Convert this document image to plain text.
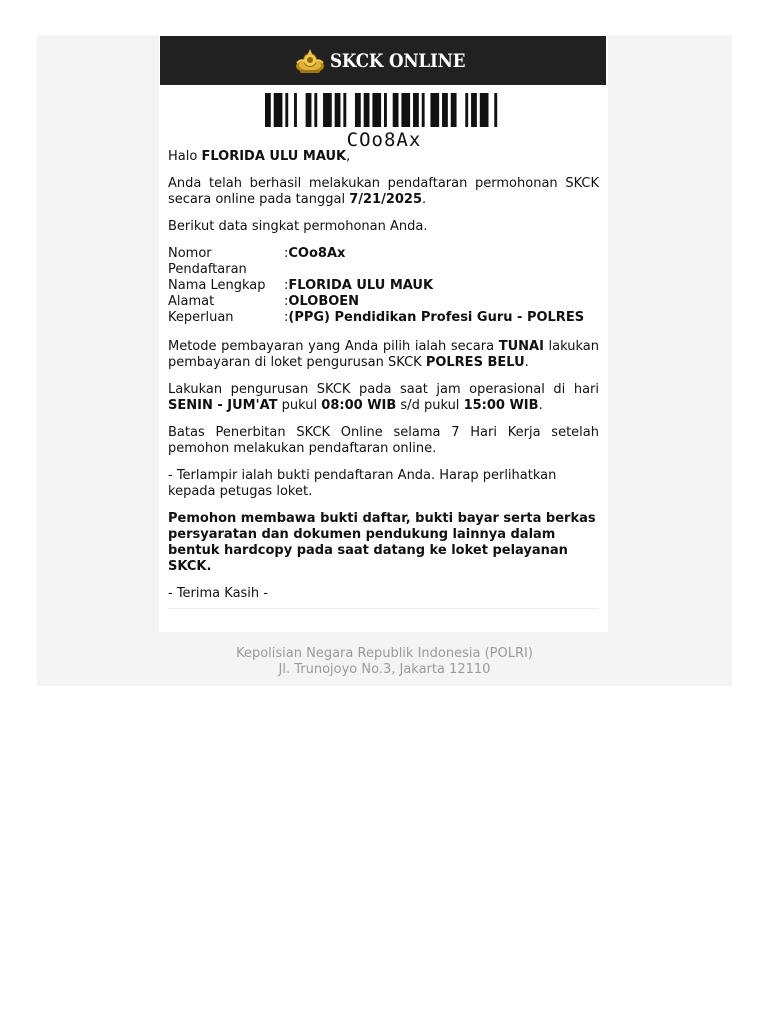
SKCK ONLINE
COo8Ax

Halo FLORIDA ULU MAUK,

Anda telah berhasil melakukan pendaftaran permohonan SKCK secara online pada tanggal 7/21/2025.

Berikut data singkat permohonan Anda.

Nomor Pendaftaran	:COo8Ax
Nama Lengkap	:FLORIDA ULU MAUK
Alamat	:OLOBOEN
Keperluan	:(PPG) Pendidikan Profesi Guru - POLRES

Metode pembayaran yang Anda pilih ialah secara TUNAI lakukan pembayaran di loket pengurusan SKCK POLRES BELU.

Lakukan pengurusan SKCK pada saat jam operasional di hari SENIN - JUM'AT pukul 08:00 WIB s/d pukul 15:00 WIB.

Batas Penerbitan SKCK Online selama 7 Hari Kerja setelah pemohon melakukan pendaftaran online.

- Terlampir ialah bukti pendaftaran Anda. Harap perlihatkan kepada petugas loket.

Pemohon membawa bukti daftar, bukti bayar serta berkas persyaratan dan dokumen pendukung lainnya dalam bentuk hardcopy pada saat datang ke loket pelayanan SKCK.

- Terima Kasih -

Kepolisian Negara Republik Indonesia (POLRI)
Jl. Trunojoyo No.3, Jakarta 12110
